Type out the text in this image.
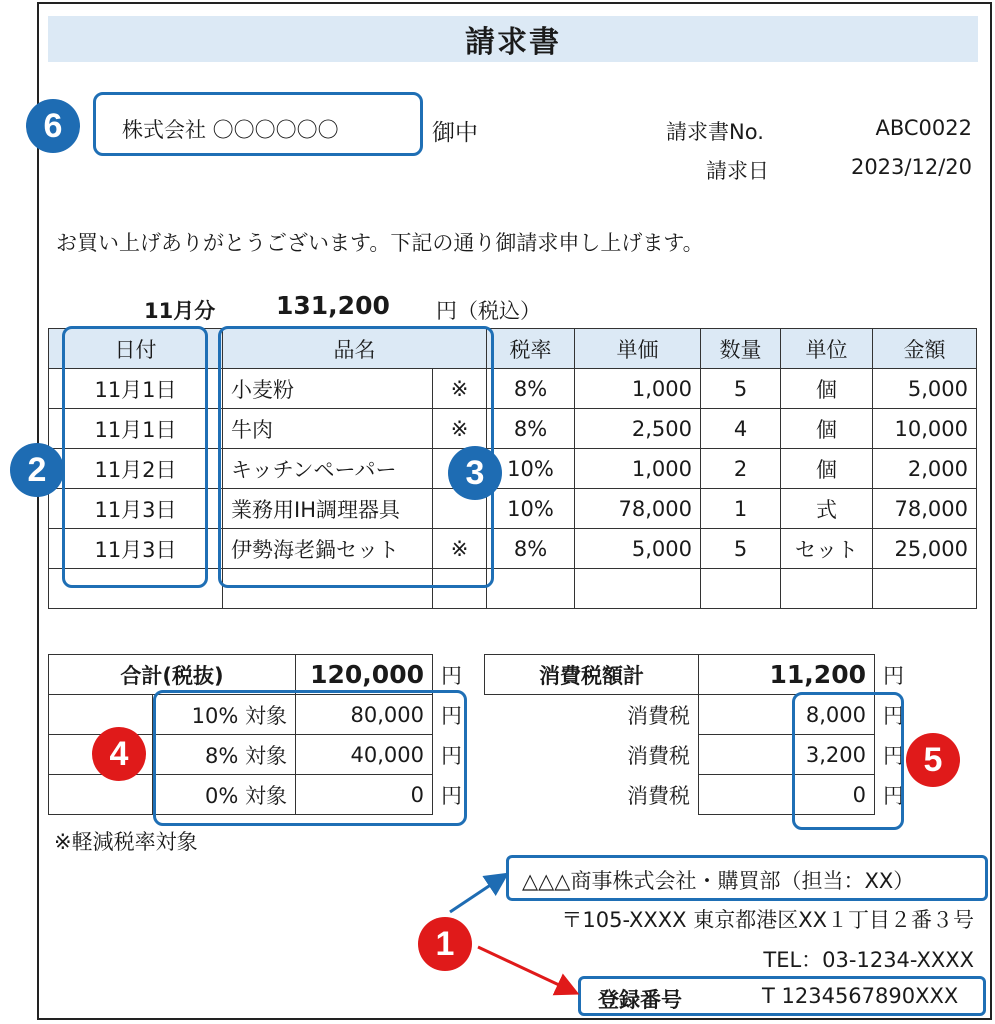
請求書
株式会社 〇〇〇〇〇〇	御中	請求書No.	ABC0022
請求日	2023/12/20
お買い上げありがとうございます。下記の通り御請求申し上げます。
11月分 131,200 円（税込）
日付	品名		税率	単価	数量	単位	金額
11月1日	小麦粉	※	8%	1,000	5	個	5,000
11月1日	牛肉	※	8%	2,500	4	個	10,000
11月2日	キッチンペーパー		10%	1,000	2	個	2,000
11月3日	業務用IH調理器具		10%	78,000	1	式	78,000
11月3日	伊勢海老鍋セット	※	8%	5,000	5	セット	25,000

合計(税抜)		120,000	円
	10% 対象	80,000	円
	8% 対象	40,000	円
	0% 対象	0	円
消費税額計	11,200	円
消費税	8,000	円
消費税	3,200	円
消費税	0	円
※軽減税率対象
△△△商事株式会社・購買部（担当：XX）
〒105-XXXX 東京都港区XX１丁目２番３号
TEL：03-1234-XXXX
登録番号	T 1234567890XXX
6
2	3
4	5
1
